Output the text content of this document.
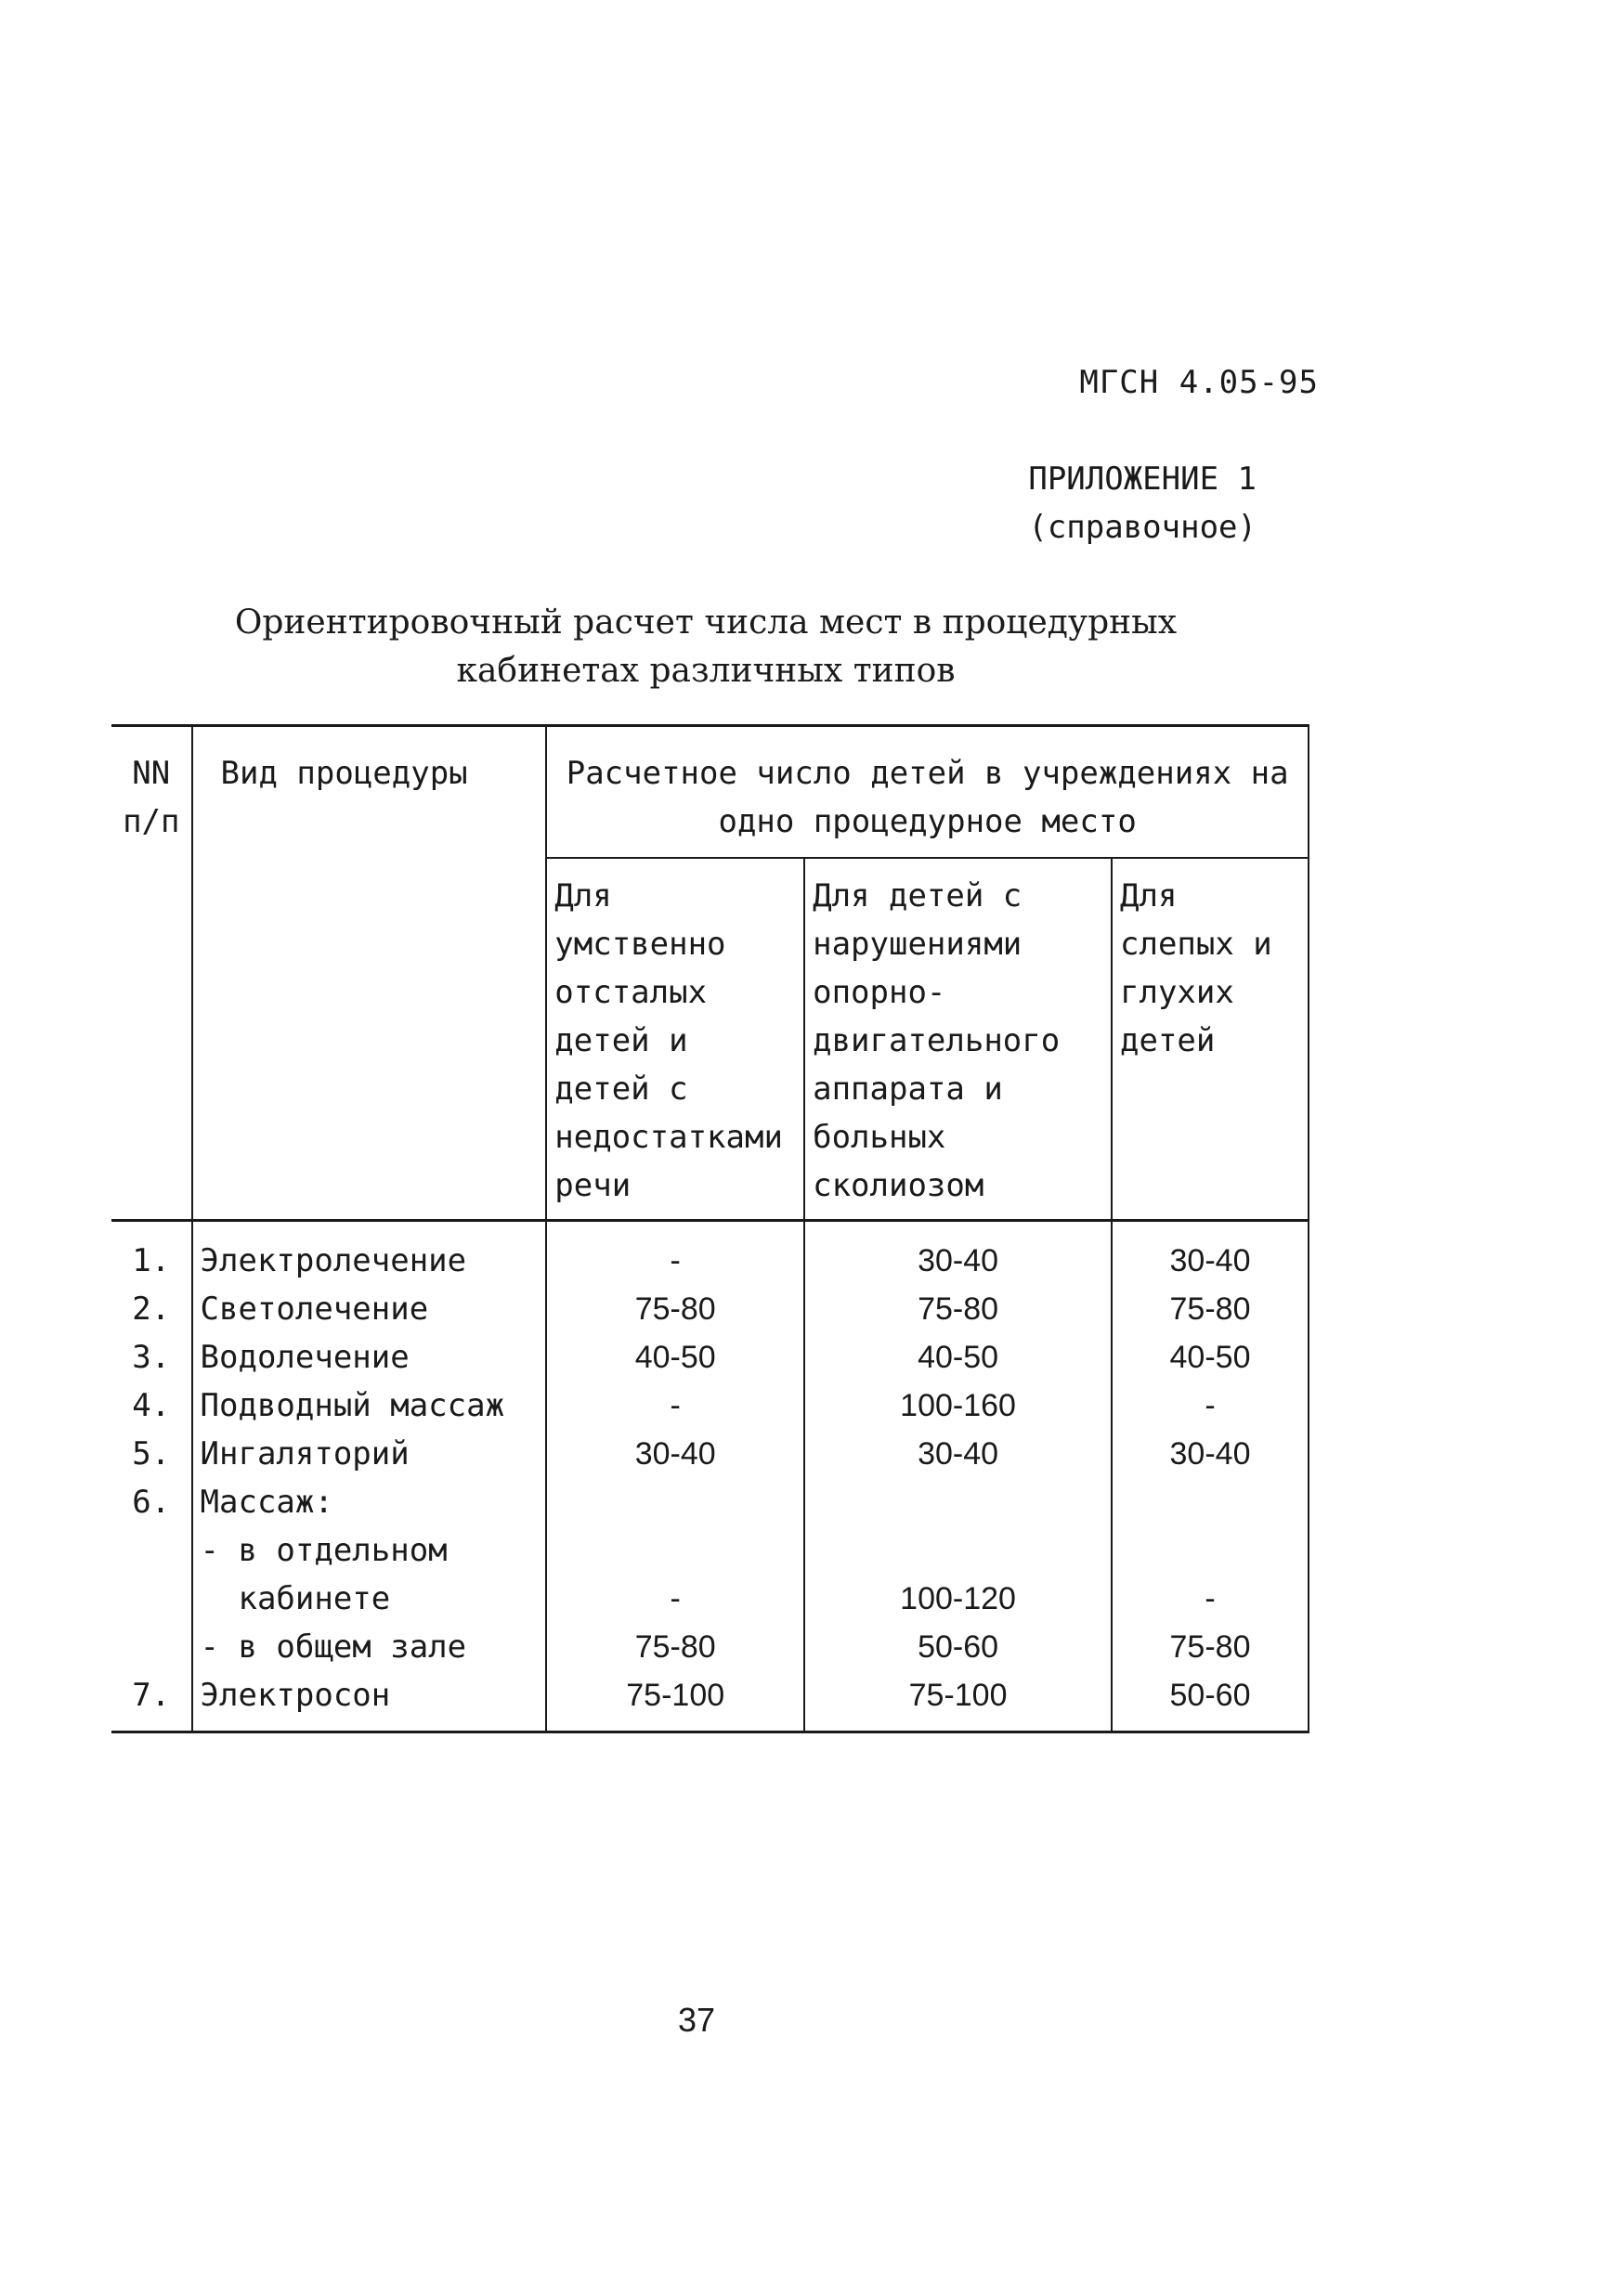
МГСН 4.05-95
ПРИЛОЖЕНИЕ 1
(справочное)
Ориентировочный расчет числа мест в процедурных
кабинетах различных типов
NN п/п	Вид процедуры	Расчетное число детей в учреждениях на одно процедурное место		
		Для умственно отсталых детей и детей с недостатками речи	Для детей с нарушениями опорно-двигательного аппарата и больных сколиозом	Для слепых и глухих детей
1.	Электролечение	-	30-40	30-40
2.	Светолечение	75-80	75-80	75-80
3.	Водолечение	40-50	40-50	40-50
4.	Подводный массаж	-	100-160	-
5.	Ингаляторий	30-40	30-40	30-40
6.	Массаж:			
	- в отдельном			
	кабинете	-	100-120	-
	- в общем зале	75-80	50-60	75-80
7.	Электросон	75-100	75-100	50-60
37
